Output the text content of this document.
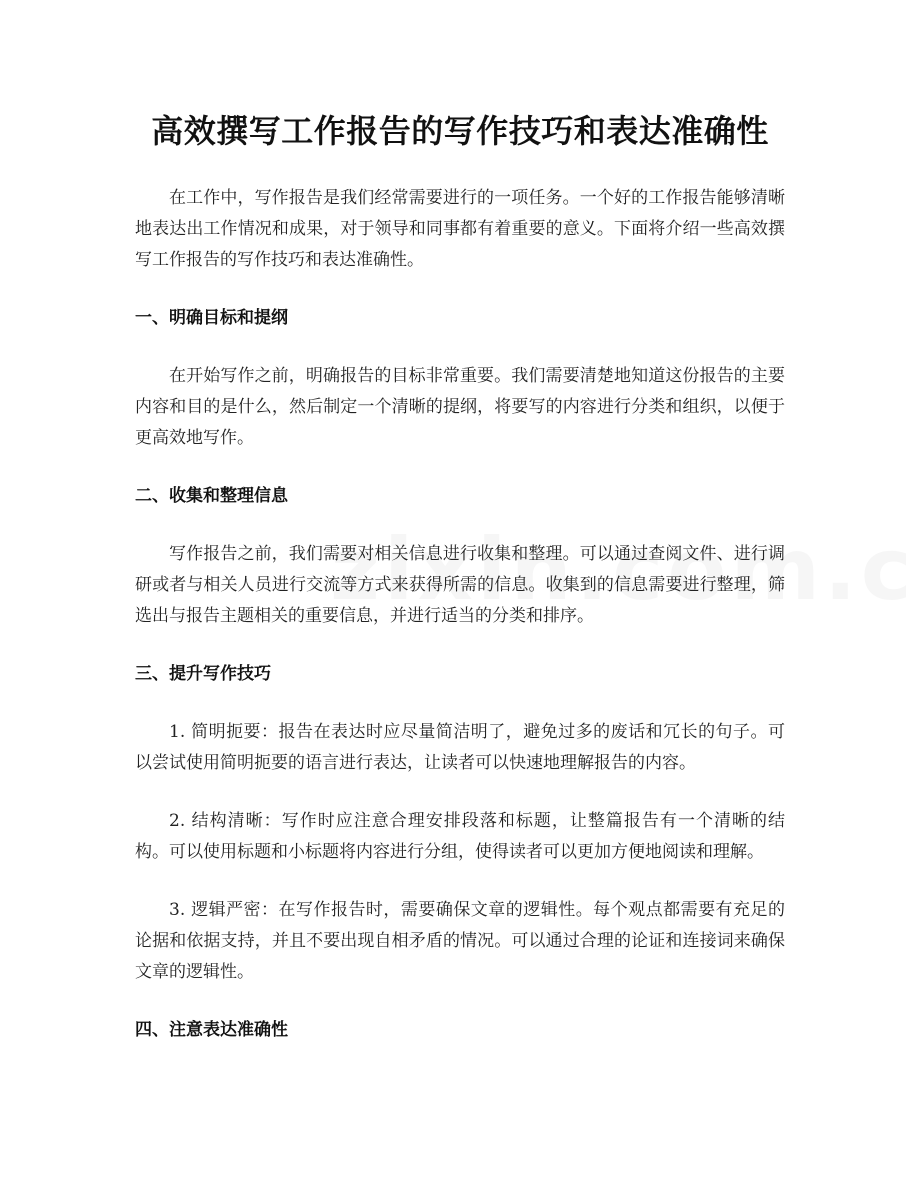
高效撰写工作报告的写作技巧和表达准确性

在工作中，写作报告是我们经常需要进行的一项任务。一个好的工作报告能够清晰地表达出工作情况和成果，对于领导和同事都有着重要的意义。下面将介绍一些高效撰写工作报告的写作技巧和表达准确性。

一、明确目标和提纲

在开始写作之前，明确报告的目标非常重要。我们需要清楚地知道这份报告的主要内容和目的是什么，然后制定一个清晰的提纲，将要写的内容进行分类和组织，以便于更高效地写作。

二、收集和整理信息

写作报告之前，我们需要对相关信息进行收集和整理。可以通过查阅文件、进行调研或者与相关人员进行交流等方式来获得所需的信息。收集到的信息需要进行整理，筛选出与报告主题相关的重要信息，并进行适当的分类和排序。

三、提升写作技巧

1. 简明扼要：报告在表达时应尽量简洁明了，避免过多的废话和冗长的句子。可以尝试使用简明扼要的语言进行表达，让读者可以快速地理解报告的内容。

2. 结构清晰：写作时应注意合理安排段落和标题，让整篇报告有一个清晰的结构。可以使用标题和小标题将内容进行分组，使得读者可以更加方便地阅读和理解。

3. 逻辑严密：在写作报告时，需要确保文章的逻辑性。每个观点都需要有充足的论据和依据支持，并且不要出现自相矛盾的情况。可以通过合理的论证和连接词来确保文章的逻辑性。

四、注意表达准确性
